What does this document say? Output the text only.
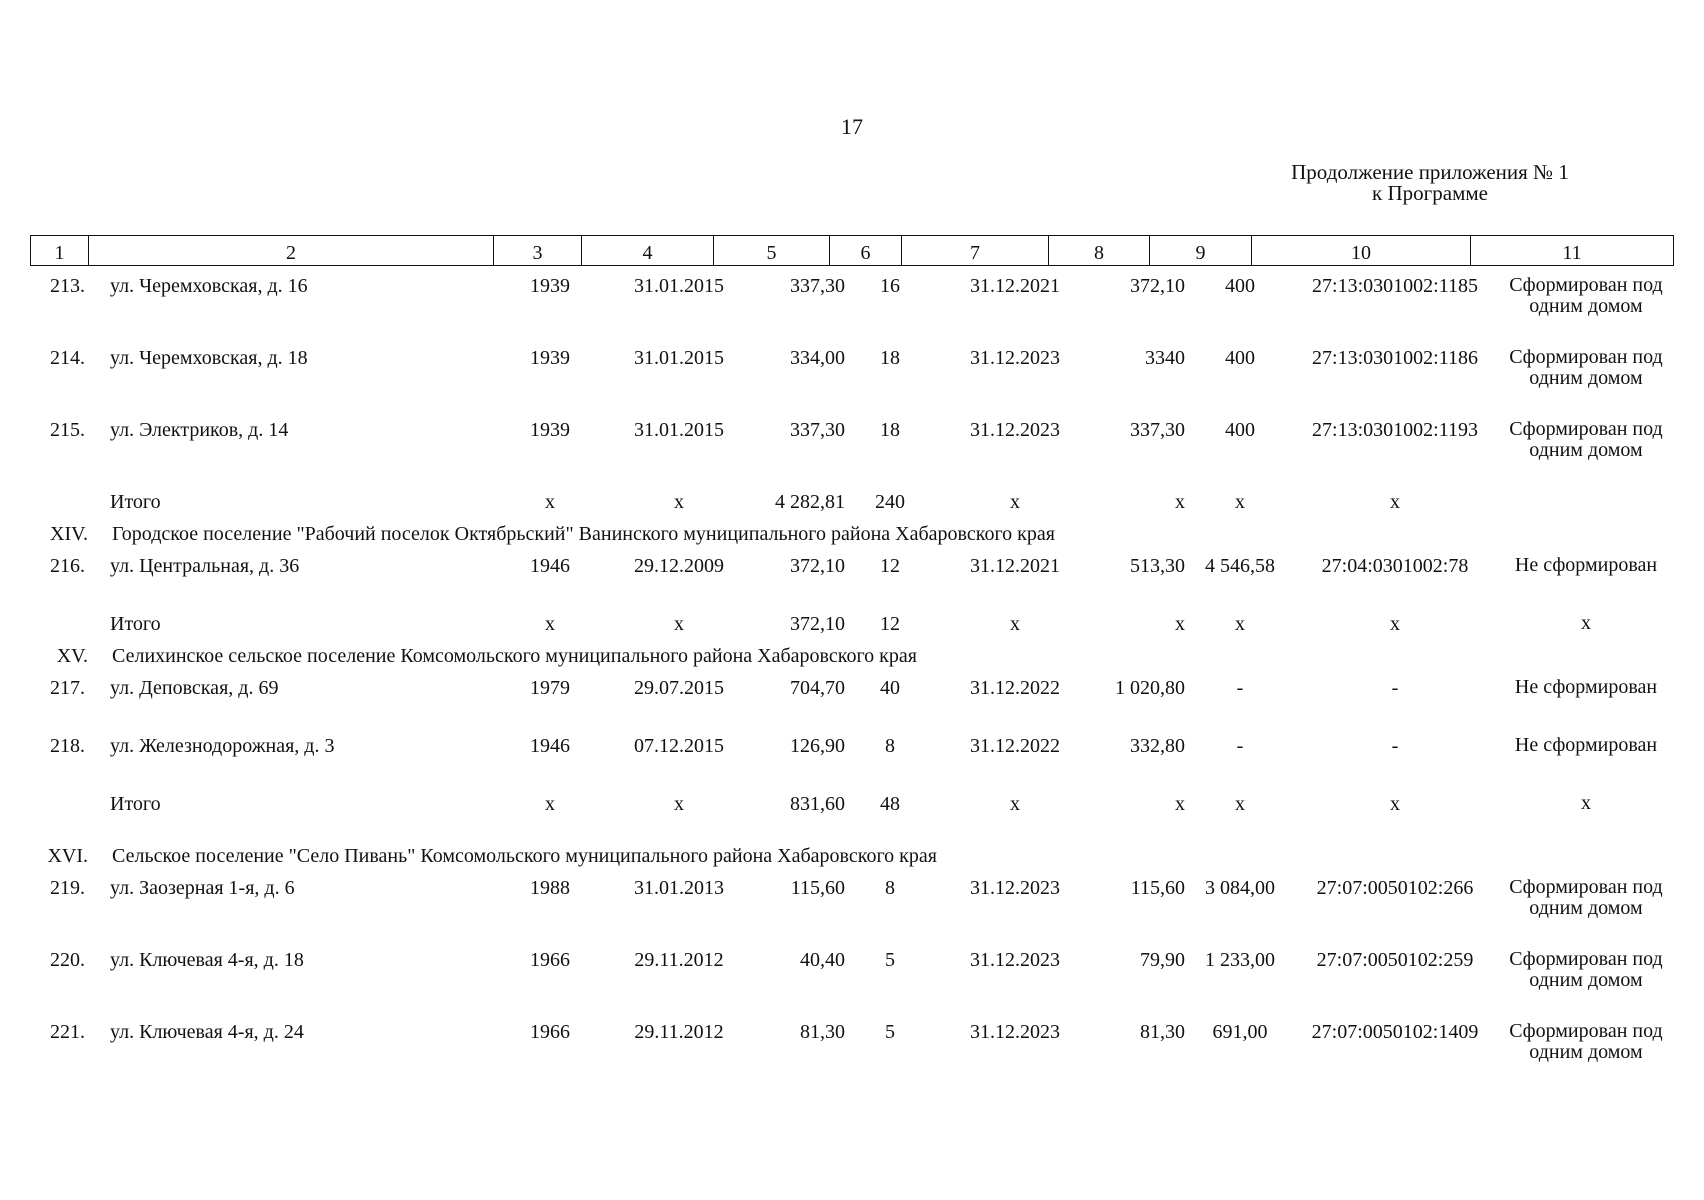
17
Продолжение приложения № 1
к Программе
1	2	3	4	5	6	7	8	9	10	11
213. ул. Черемховская, д. 16	1939	31.01.2015	337,30	16	31.12.2021	372,10	400	27:13:0301002:1185	Сформирован под одним домом
214. ул. Черемховская, д. 18	1939	31.01.2015	334,00	18	31.12.2023	3340	400	27:13:0301002:1186	Сформирован под одним домом
215. ул. Электриков, д. 14	1939	31.01.2015	337,30	18	31.12.2023	337,30	400	27:13:0301002:1193	Сформирован под одним домом
Итого	х	х	4 282,81	240	х	х	х	х
XIV. Городское поселение "Рабочий поселок Октябрьский" Ванинского муниципального района Хабаровского края
216. ул. Центральная, д. 36	1946	29.12.2009	372,10	12	31.12.2021	513,30	4 546,58	27:04:0301002:78	Не сформирован
Итого	х	х	372,10	12	х	х	х	х	х
XV. Селихинское сельское поселение Комсомольского муниципального района Хабаровского края
217. ул. Деповская, д. 69	1979	29.07.2015	704,70	40	31.12.2022	1 020,80	-	-	Не сформирован
218. ул. Железнодорожная, д. 3	1946	07.12.2015	126,90	8	31.12.2022	332,80	-	-	Не сформирован
Итого	х	х	831,60	48	х	х	х	х	х
XVI. Сельское поселение "Село Пивань" Комсомольского муниципального района Хабаровского края
219. ул. Заозерная 1-я, д. 6	1988	31.01.2013	115,60	8	31.12.2023	115,60	3 084,00	27:07:0050102:266	Сформирован под одним домом
220. ул. Ключевая 4-я, д. 18	1966	29.11.2012	40,40	5	31.12.2023	79,90	1 233,00	27:07:0050102:259	Сформирован под одним домом
221. ул. Ключевая 4-я, д. 24	1966	29.11.2012	81,30	5	31.12.2023	81,30	691,00	27:07:0050102:1409	Сформирован под одним домом
